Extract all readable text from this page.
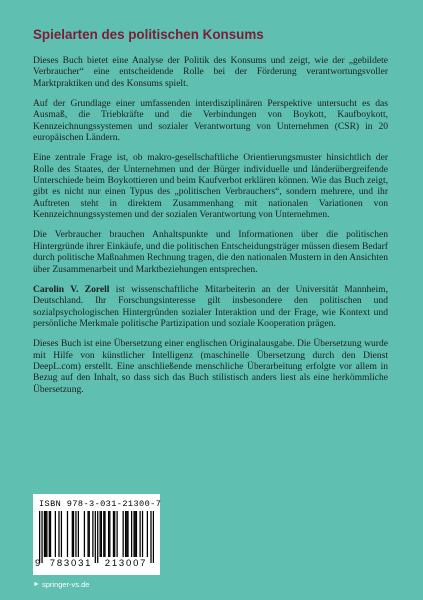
Spielarten des politischen Konsums

Dieses Buch bietet eine Analyse der Politik des Konsums und zeigt, wie der „gebildete Verbraucher“ eine entscheidende Rolle bei der Förderung verantwortungsvoller Marktpraktiken und des Konsums spielt.

Auf der Grundlage einer umfassenden interdisziplinären Perspektive untersucht es das Ausmaß, die Triebkräfte und die Verbindungen von Boykott, Kaufboykott, Kennzeichnungssystemen und sozialer Verantwortung von Unternehmen (CSR) in 20 europäischen Ländern.

Eine zentrale Frage ist, ob makro-gesellschaftliche Orientierungsmuster hinsichtlich der Rolle des Staates, der Unternehmen und der Bürger individuelle und länderübergreifende Unterschiede beim Boykottieren und beim Kaufverbot erklären können. Wie das Buch zeigt, gibt es nicht nur einen Typus des „politischen Verbrauchers“, sondern mehrere, und ihr Auftreten steht in direktem Zusammenhang mit nationalen Variationen von Kennzeichnungssystemen und der sozialen Verantwortung von Unternehmen.

Die Verbraucher brauchen Anhaltspunkte und Informationen über die politischen Hintergründe ihrer Einkäufe, und die politischen Entscheidungsträger müssen diesem Bedarf durch politische Maßnahmen Rechnung tragen, die den nationalen Mustern in den Ansichten über Zusammenarbeit und Marktbeziehungen entsprechen.

Carolin V. Zorell ist wissenschaftliche Mitarbeiterin an der Universität Mannheim, Deutschland. Ihr Forschungsinteresse gilt insbesondere den politischen und sozialpsychologischen Hintergründen sozialer Interaktion und der Frage, wie Kontext und persönliche Merkmale politische Partizipation und soziale Kooperation prägen.

Dieses Buch ist eine Übersetzung einer englischen Originalausgabe. Die Übersetzung wurde mit Hilfe von künstlicher Intelligenz (maschinelle Übersetzung durch den Dienst DeepL.com) erstellt. Eine anschließende menschliche Überarbeitung erfolgte vor allem in Bezug auf den Inhalt, so dass sich das Buch stilistisch anders liest als eine herkömmliche Übersetzung.

ISBN 978-3-031-21300-7
9 783031	213007
► springer-vs.de
